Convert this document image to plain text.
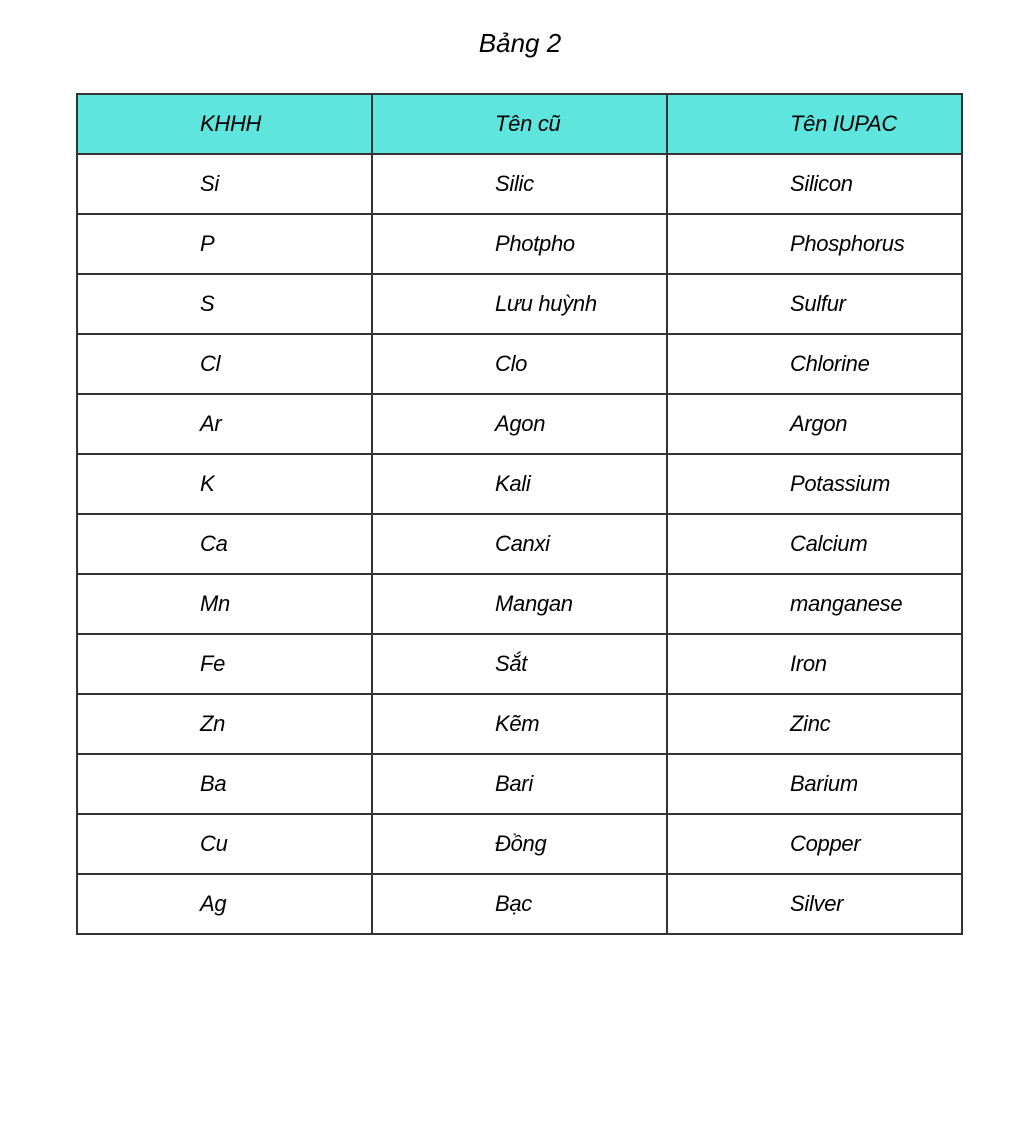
Bảng 2
KHHH	Tên cũ	Tên IUPAC
Si	Silic	Silicon
P	Photpho	Phosphorus
S	Lưu huỳnh	Sulfur
Cl	Clo	Chlorine
Ar	Agon	Argon
K	Kali	Potassium
Ca	Canxi	Calcium
Mn	Mangan	manganese
Fe	Sắt	Iron
Zn	Kẽm	Zinc
Ba	Bari	Barium
Cu	Đồng	Copper
Ag	Bạc	Silver
